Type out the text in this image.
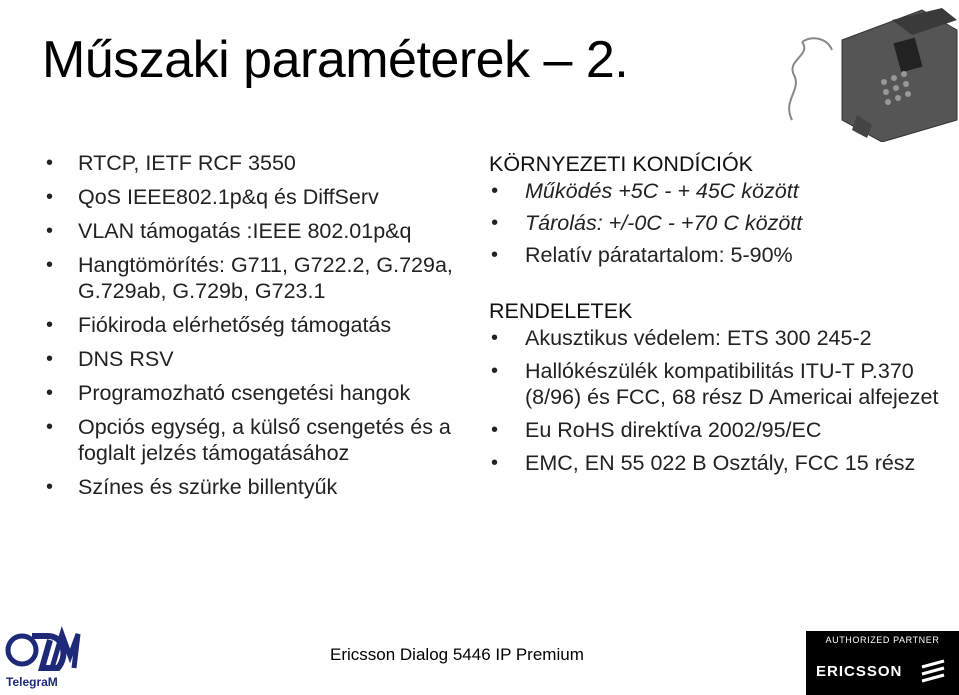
Műszaki paraméterek – 2.
• RTCP, IETF RCF 3550
• QoS IEEE802.1p&q és DiffServ
• VLAN támogatás :IEEE 802.01p&q
• Hangtömörítés: G711, G722.2, G.729a, G.729ab, G.729b, G723.1
• Fiókiroda elérhetőség támogatás
• DNS RSV
• Programozható csengetési hangok
• Opciós egység, a külső csengetés és a foglalt jelzés támogatásához
• Színes és szürke billentyűk

KÖRNYEZETI KONDÍCIÓK

• Működés +5C - + 45C között
• Tárolás: +/-0C - +70 C között
• Relatív páratartalom: 5-90%

RENDELETEK

• Akusztikus védelem: ETS 300 245-2
• Hallókészülék kompatibilitás ITU-T P.370 (8/96) és FCC, 68 rész D Americai alfejezet
• Eu RoHS direktíva 2002/95/EC
• EMC, EN 55 022 B Osztály, FCC 15 rész
Ericsson Dialog 5446 IP Premium
TelegraM
AUTHORIZED PARTNER
ERICSSON
